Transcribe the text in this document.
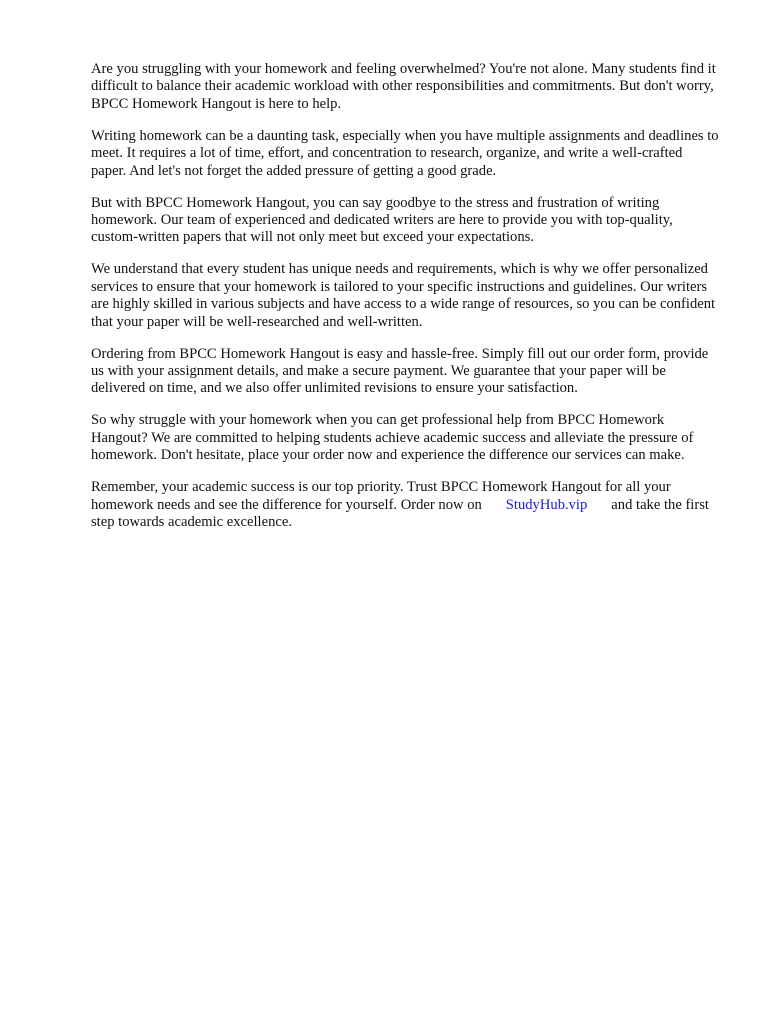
Are you struggling with your homework and feeling overwhelmed? You're not alone. Many students find it difficult to balance their academic workload with other responsibilities and commitments. But don't worry, BPCC Homework Hangout is here to help.

Writing homework can be a daunting task, especially when you have multiple assignments and deadlines to meet. It requires a lot of time, effort, and concentration to research, organize, and write a well-crafted paper. And let's not forget the added pressure of getting a good grade.

But with BPCC Homework Hangout, you can say goodbye to the stress and frustration of writing homework. Our team of experienced and dedicated writers are here to provide you with top-quality, custom-written papers that will not only meet but exceed your expectations.

We understand that every student has unique needs and requirements, which is why we offer personalized services to ensure that your homework is tailored to your specific instructions and guidelines. Our writers are highly skilled in various subjects and have access to a wide range of resources, so you can be confident that your paper will be well-researched and well-written.

Ordering from BPCC Homework Hangout is easy and hassle-free. Simply fill out our order form, provide us with your assignment details, and make a secure payment. We guarantee that your paper will be delivered on time, and we also offer unlimited revisions to ensure your satisfaction.

So why struggle with your homework when you can get professional help from BPCC Homework Hangout? We are committed to helping students achieve academic success and alleviate the pressure of homework. Don't hesitate, place your order now and experience the difference our services can make.

Remember, your academic success is our top priority. Trust BPCC Homework Hangout for all your homework needs and see the difference for yourself. Order now on StudyHub.vip and take the first step towards academic excellence.
